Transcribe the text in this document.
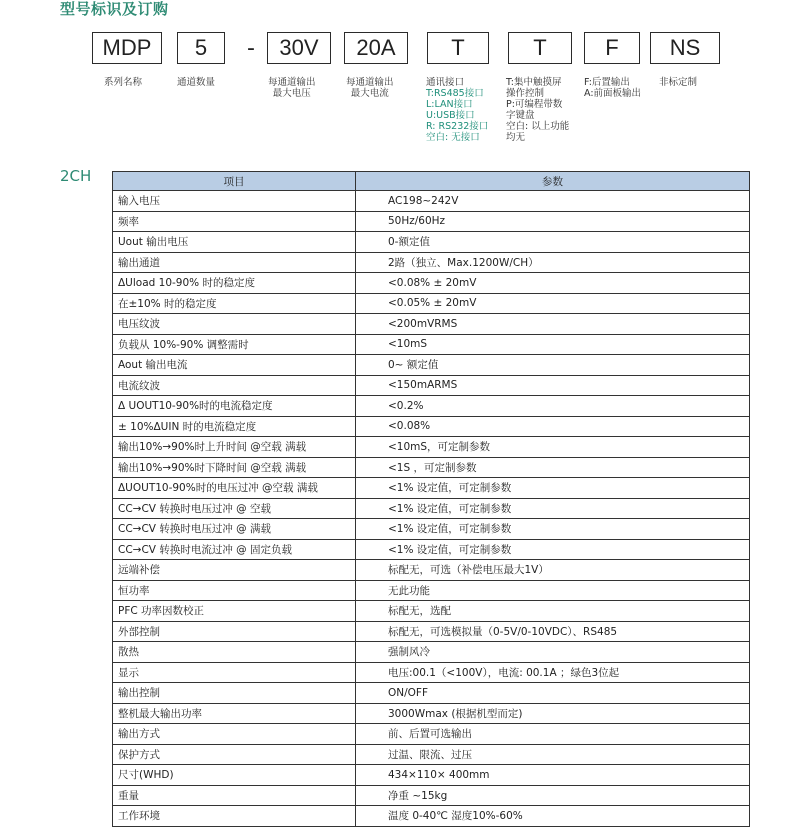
型号标识及订购
MDP	5	-	30V	20A	T	T	F	NS
系列名称	通道数量	每通道输出
最大电压
每通道输出
最大电流
通讯接口
T:RS485接口
L:LAN接口
U:USB接口
R: RS232接口
空白: 无接口
T:集中触摸屏
操作控制
P:可编程带数
字键盘
空白: 以上功能
均无
F:后置输出
A:前面板输出
非标定制
2CH	项目	参数
输入电压	AC198~242V
频率	50Hz/60Hz
Uout 输出电压	0-额定值
输出通道	2路（独立、Max.1200W/CH）
ΔUload 10-90% 时的稳定度	<0.08% ± 20mV
在±10% 时的稳定度	<0.05% ± 20mV
电压纹波	<200mVRMS
负载从 10%-90% 调整需时	<10mS
Aout 输出电流	0~ 额定值
电流纹波	<150mARMS
Δ UOUT10-90%时的电流稳定度	<0.2%
± 10%ΔUIN 时的电流稳定度	<0.08%
输出10%→90%时上升时间 @空载 满载	<10mS，可定制参数
输出10%→90%时下降时间 @空载 满载	<1S ，可定制参数
ΔUOUT10-90%时的电压过冲 @空载 满载	<1% 设定值，可定制参数
CC→CV 转换时电压过冲 @ 空载	<1% 设定值，可定制参数
CC→CV 转换时电压过冲 @ 满载	<1% 设定值，可定制参数
CC→CV 转换时电流过冲 @ 固定负载	<1% 设定值，可定制参数
远端补偿	标配无，可选（补偿电压最大1V）
恒功率	无此功能
PFC 功率因数校正	标配无，选配
外部控制	标配无，可选模拟量（0-5V/0-10VDC）、RS485
散热	强制风冷
显示	电压:00.1（<100V），电流: 00.1A ；绿色3位起
输出控制	ON/OFF
整机最大输出功率	3000Wmax (根据机型而定)
输出方式	前、后置可选输出
保护方式	过温、限流、过压
尺寸(WHD)	434×110× 400mm
重量	净重 ~15kg
工作环境	温度 0-40℃ 湿度10%-60%
